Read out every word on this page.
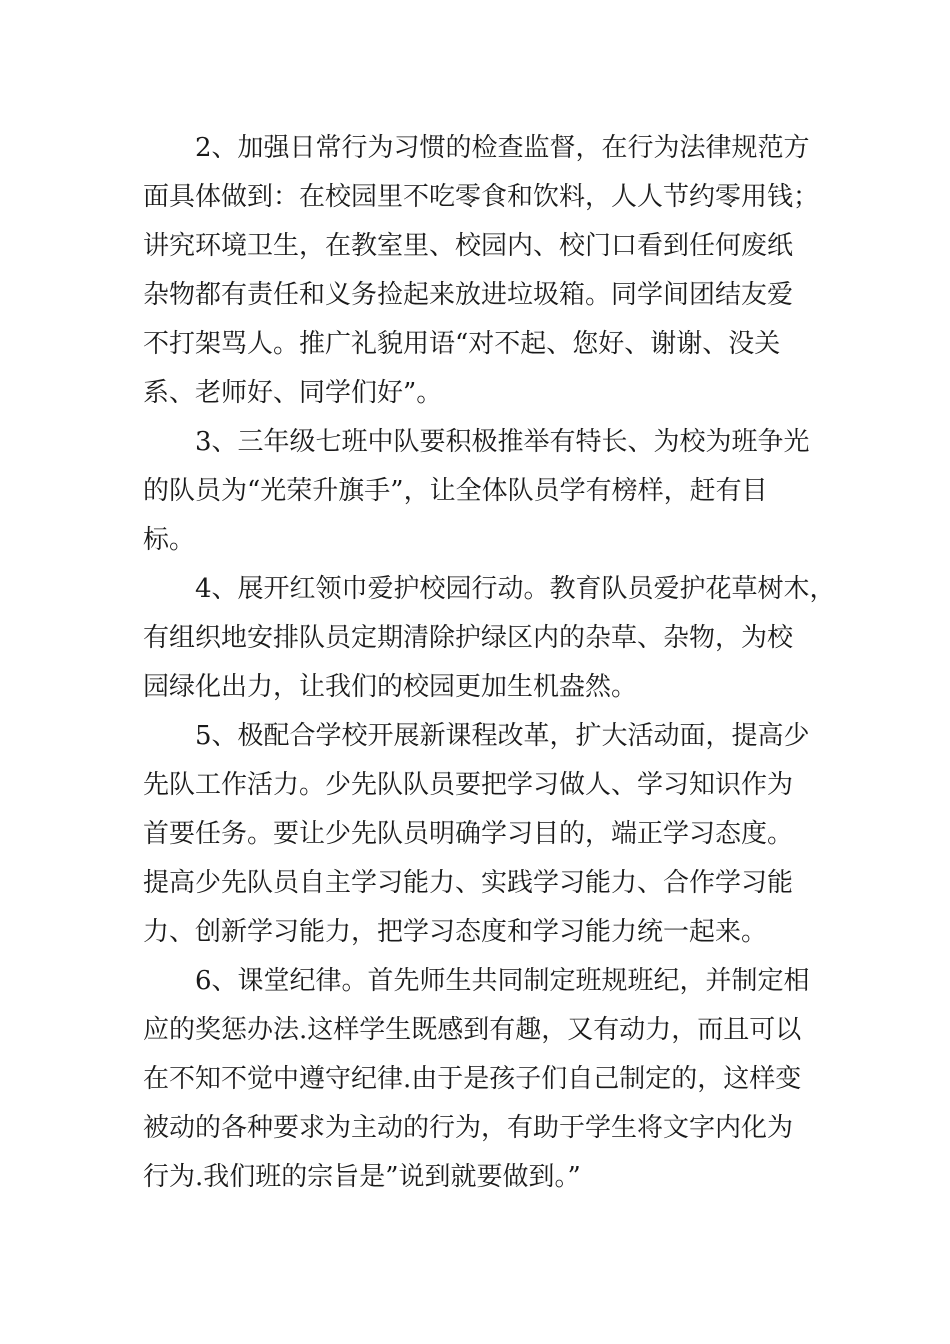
2、加强日常行为习惯的检查监督，在行为法律规范方
面具体做到：在校园里不吃零食和饮料，人人节约零用钱；
讲究环境卫生，在教室里、校园内、校门口看到任何废纸
杂物都有责任和义务捡起来放进垃圾箱。同学间团结友爱
不打架骂人。推广礼貌用语“对不起、您好、谢谢、没关
系、老师好、同学们好”。
3、三年级七班中队要积极推举有特长、为校为班争光
的队员为“光荣升旗手”，让全体队员学有榜样，赶有目
标。
4、展开红领巾爱护校园行动。教育队员爱护花草树木，
有组织地安排队员定期清除护绿区内的杂草、杂物，为校
园绿化出力，让我们的校园更加生机盎然。
5、极配合学校开展新课程改革，扩大活动面，提高少
先队工作活力。少先队队员要把学习做人、学习知识作为
首要任务。要让少先队员明确学习目的，端正学习态度。
提高少先队员自主学习能力、实践学习能力、合作学习能
力、创新学习能力，把学习态度和学习能力统一起来。
6、课堂纪律。首先师生共同制定班规班纪，并制定相
应的奖惩办法.这样学生既感到有趣，又有动力，而且可以
在不知不觉中遵守纪律.由于是孩子们自己制定的，这样变
被动的各种要求为主动的行为，有助于学生将文字内化为
行为.我们班的宗旨是”说到就要做到。”
